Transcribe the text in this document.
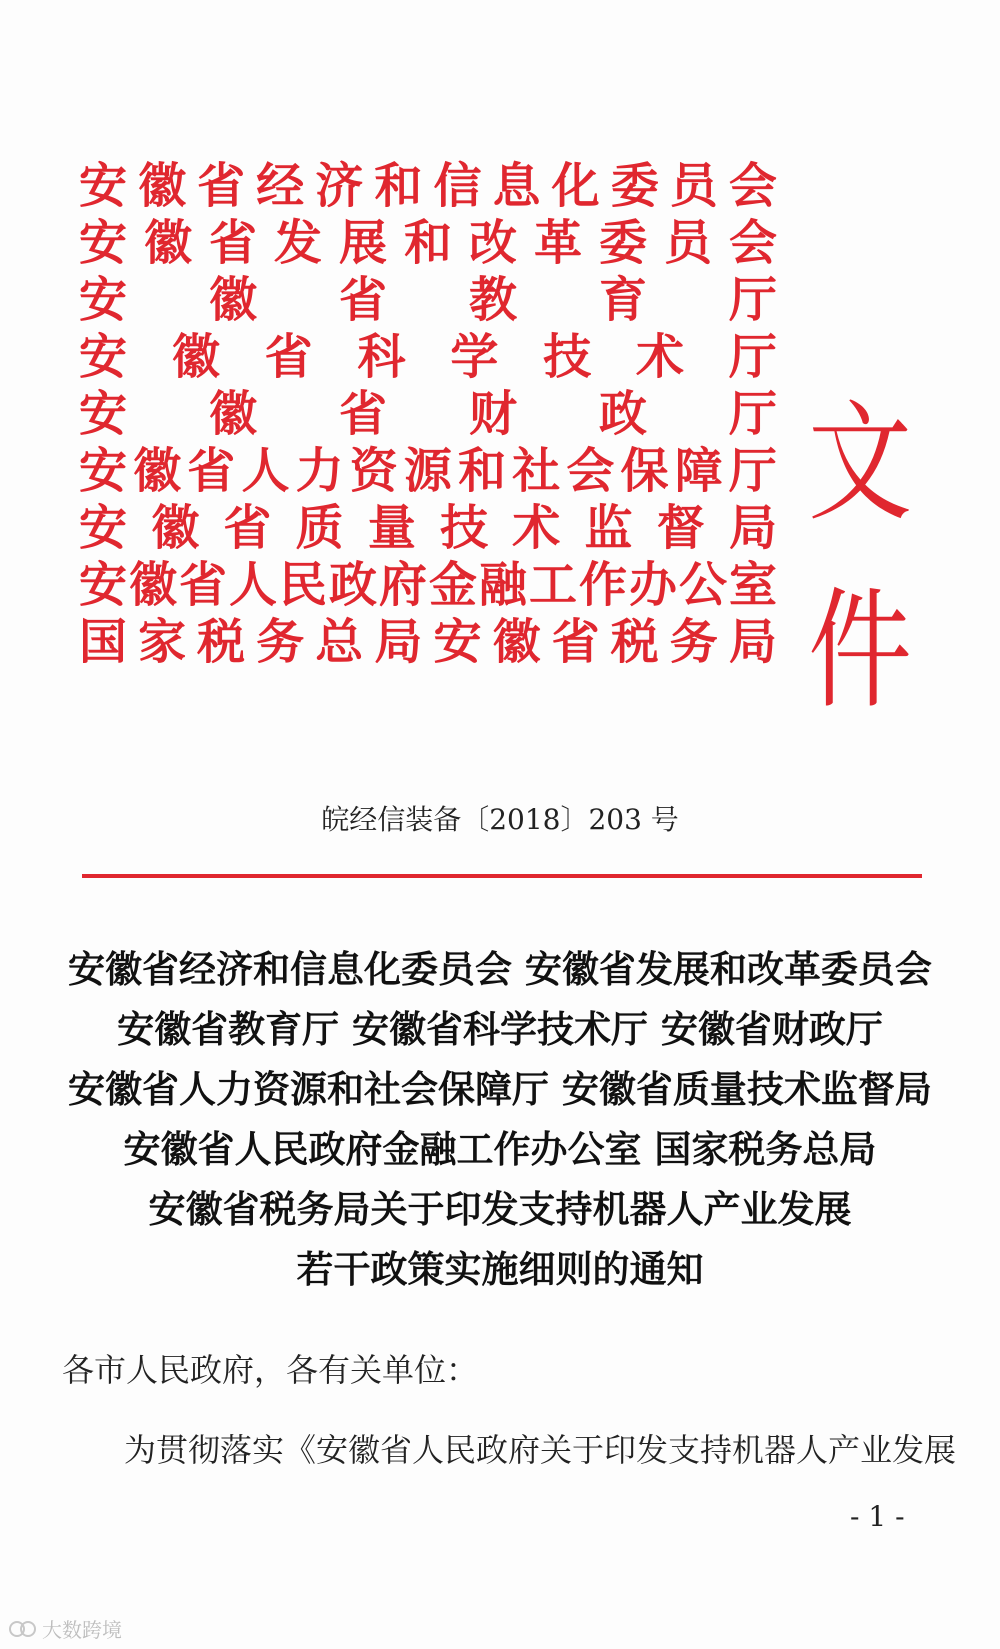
安 徽 省 经 济 和 信 息 化 委 员 会
安 徽 省 发 展 和 改 革 委 员 会
安 徽 省 教 育 厅
安 徽 省 科 学 技 术 厅
安 徽 省 财 政 厅
安 徽 省 人 力 资 源 和 社 会 保 障 厅
安 徽 省 质 量 技 术 监 督 局
安 徽 省 人 民 政 府 金 融 工 作 办 公 室
国 家 税 务 总 局 安 徽 省 税 务 局
文件
皖经信装备〔2018〕203 号
安徽省经济和信息化委员会 安徽省发展和改革委员会
安徽省教育厅 安徽省科学技术厅 安徽省财政厅
安徽省人力资源和社会保障厅 安徽省质量技术监督局
安徽省人民政府金融工作办公室 国家税务总局
安徽省税务局关于印发支持机器人产业发展
若干政策实施细则的通知
各市人民政府，各有关单位：
为贯彻落实《安徽省人民政府关于印发支持机器人产业发展
- 1 -
大数跨境
